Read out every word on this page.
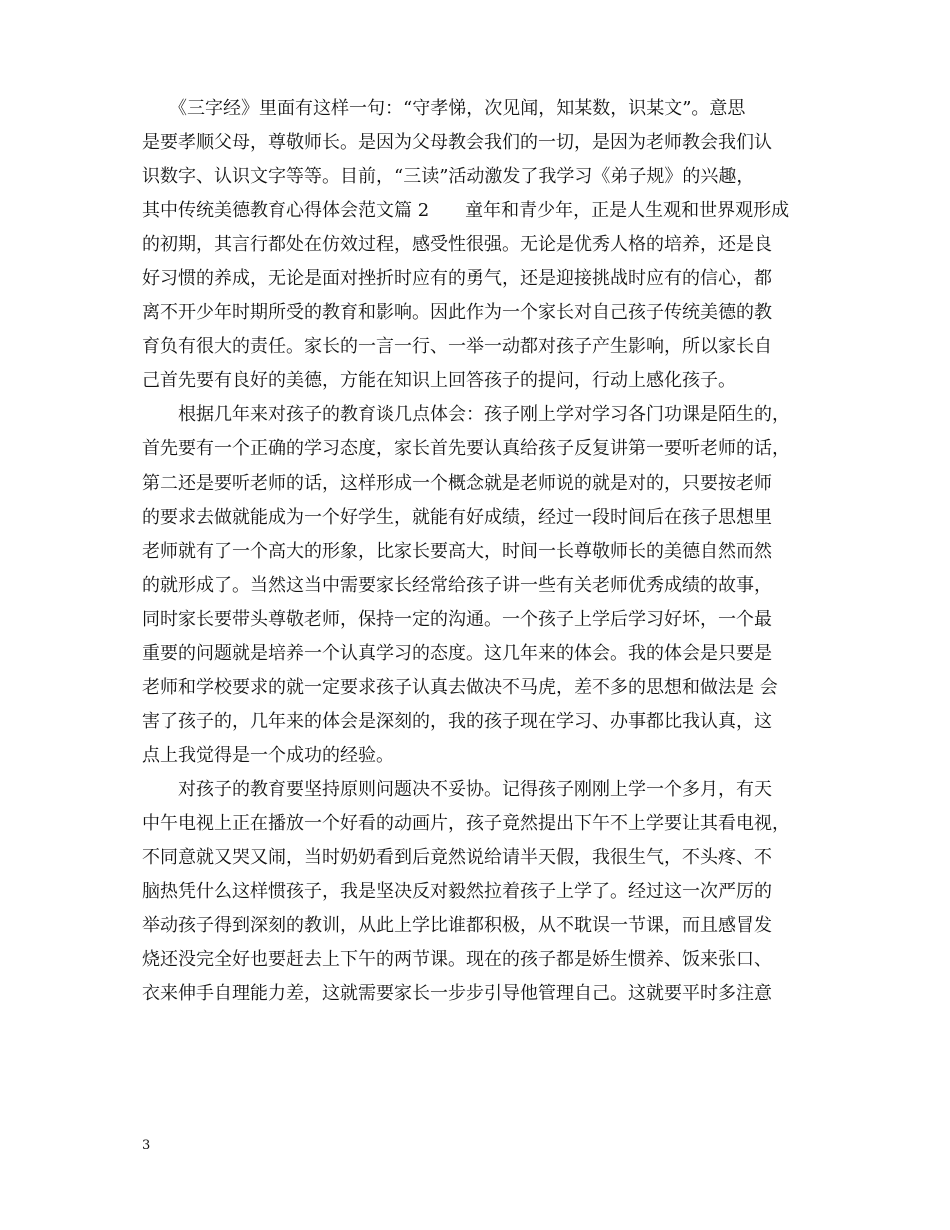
　　《三字经》里面有这样一句：“守孝悌，次见闻，知某数，识某文”。意思
是要孝顺父母，尊敬师长。是因为父母教会我们的一切，是因为老师教会我们认
识数字、认识文字等等。目前，“三读”活动激发了我学习《弟子规》的兴趣，
其中传统美德教育心得体会范文篇 2　　童年和青少年，正是人生观和世界观形成
的初期，其言行都处在仿效过程，感受性很强。无论是优秀人格的培养，还是良
好习惯的养成，无论是面对挫折时应有的勇气，还是迎接挑战时应有的信心，都
离不开少年时期所受的教育和影响。因此作为一个家长对自己孩子传统美德的教
育负有很大的责任。家长的一言一行、一举一动都对孩子产生影响，所以家长自
己首先要有良好的美德，方能在知识上回答孩子的提问，行动上感化孩子。
　　根据几年来对孩子的教育谈几点体会：孩子刚上学对学习各门功课是陌生的，
首先要有一个正确的学习态度，家长首先要认真给孩子反复讲第一要听老师的话，
第二还是要听老师的话，这样形成一个概念就是老师说的就是对的，只要按老师
的要求去做就能成为一个好学生，就能有好成绩，经过一段时间后在孩子思想里
老师就有了一个高大的形象，比家长要高大，时间一长尊敬师长的美德自然而然
的就形成了。当然这当中需要家长经常给孩子讲一些有关老师优秀成绩的故事，
同时家长要带头尊敬老师，保持一定的沟通。一个孩子上学后学习好坏，一个最
重要的问题就是培养一个认真学习的态度。这几年来的体会。我的体会是只要是
老师和学校要求的就一定要求孩子认真去做决不马虎，差不多的思想和做法是 会
害了孩子的，几年来的体会是深刻的，我的孩子现在学习、办事都比我认真，这
点上我觉得是一个成功的经验。
　　对孩子的教育要坚持原则问题决不妥协。记得孩子刚刚上学一个多月，有天
中午电视上正在播放一个好看的动画片，孩子竟然提出下午不上学要让其看电视，
不同意就又哭又闹，当时奶奶看到后竟然说给请半天假，我很生气，不头疼、不
脑热凭什么这样惯孩子，我是坚决反对毅然拉着孩子上学了。经过这一次严厉的
举动孩子得到深刻的教训，从此上学比谁都积极，从不耽误一节课，而且感冒发
烧还没完全好也要赶去上下午的两节课。现在的孩子都是娇生惯养、饭来张口、
衣来伸手自理能力差，这就需要家长一步步引导他管理自己。这就要平时多注意
3
